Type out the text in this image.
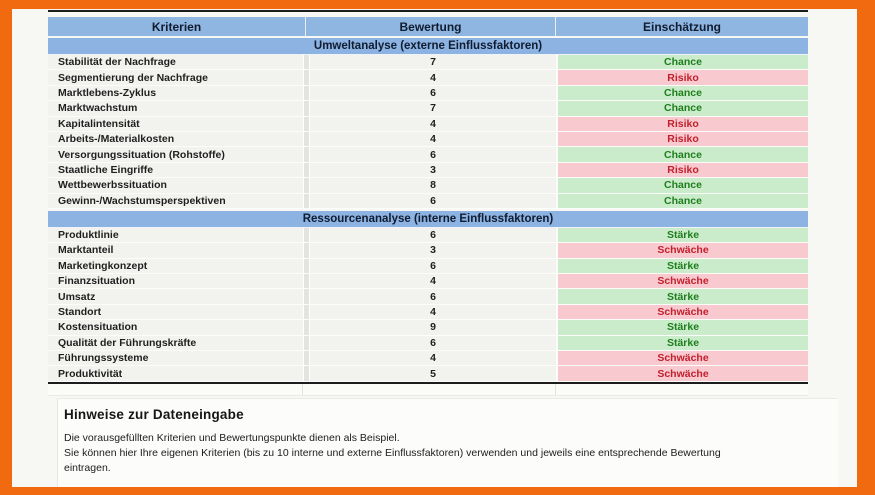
Kriterien	Bewertung	Einschätzung
Umweltanalyse (externe Einflussfaktoren)
Stabilität der Nachfrage	7	Chance
Segmentierung der Nachfrage	4	Risiko
Marktlebens-Zyklus	6	Chance
Marktwachstum	7	Chance
Kapitalintensität	4	Risiko
Arbeits-/Materialkosten	4	Risiko
Versorgungssituation (Rohstoffe)	6	Chance
Staatliche Eingriffe	3	Risiko
Wettbewerbssituation	8	Chance
Gewinn-/Wachstumsperspektiven	6	Chance
Ressourcenanalyse (interne Einflussfaktoren)
Produktlinie	6	Stärke
Marktanteil	3	Schwäche
Marketingkonzept	6	Stärke
Finanzsituation	4	Schwäche
Umsatz	6	Stärke
Standort	4	Schwäche
Kostensituation	9	Stärke
Qualität der Führungskräfte	6	Stärke
Führungssysteme	4	Schwäche
Produktivität	5	Schwäche
Hinweise zur Dateneingabe
Die vorausgefüllten Kriterien und Bewertungspunkte dienen als Beispiel.
Sie können hier Ihre eigenen Kriterien (bis zu 10 interne und externe Einflussfaktoren) verwenden und jeweils eine entsprechende Bewertung
eintragen.
